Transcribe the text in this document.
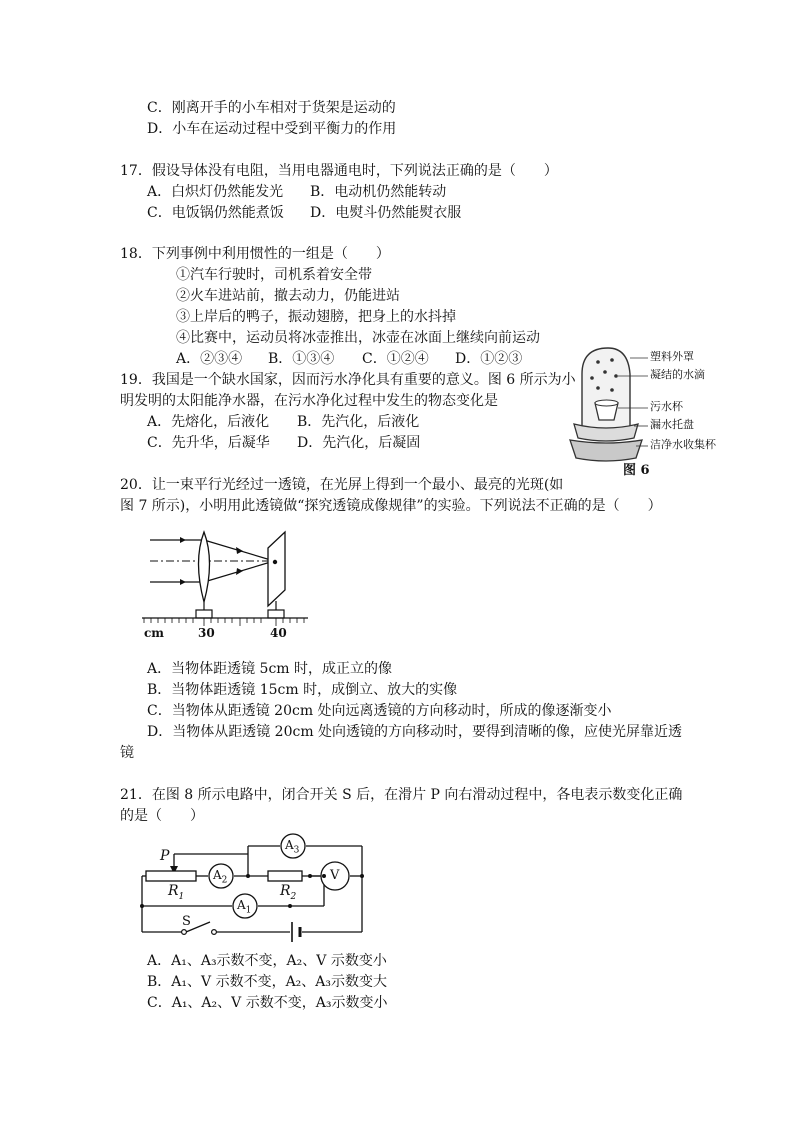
C．刚离开手的小车相对于货架是运动的
D．小车在运动过程中受到平衡力的作用
17．假设导体没有电阻，当用电器通电时，下列说法正确的是（　　）
A．白炽灯仍然能发光 B．电动机仍然能转动
C．电饭锅仍然能煮饭 D．电熨斗仍然能熨衣服
18．下列事例中利用惯性的一组是（　　）
①汽车行驶时，司机系着安全带
②火车进站前，撤去动力，仍能进站
③上岸后的鸭子，振动翅膀，把身上的水抖掉
④比赛中，运动员将冰壶推出，冰壶在冰面上继续向前运动
A．②③④ B．①③④ C．①②④ D．①②③
19．我国是一个缺水国家，因而污水净化具有重要的意义。图 6 所示为小
明发明的太阳能净水器，在污水净化过程中发生的物态变化是
A．先熔化，后液化 B．先汽化，后液化
C．先升华，后凝华 D．先汽化，后凝固
塑料外罩
凝结的水滴
污水杯
漏水托盘
洁净水收集杯
图 6
20．让一束平行光经过一透镜，在光屏上得到一个最小、最亮的光斑(如
图 7 所示)，小明用此透镜做“探究透镜成像规律”的实验。下列说法不正确的是（　　）
cm	30	40
A．当物体距透镜 5cm 时，成正立的像
B．当物体距透镜 15cm 时，成倒立、放大的实像
C．当物体从距透镜 20cm 处向远离透镜的方向移动时，所成的像逐渐变小
D．当物体从距透镜 20cm 处向透镜的方向移动时，要得到清晰的像，应使光屏靠近透
镜
21．在图 8 所示电路中，闭合开关 S 后，在滑片 P 向右滑动过程中，各电表示数变化正确
的是（　　）
P
$R_1$	$R_2$
$A_2$
$A_1$
$A_3$
V
S
A．A₁、A₃示数不变，A₂、V 示数变小
B．A₁、V 示数不变，A₂、A₃示数变大
C．A₁、A₂、V 示数不变，A₃示数变小
